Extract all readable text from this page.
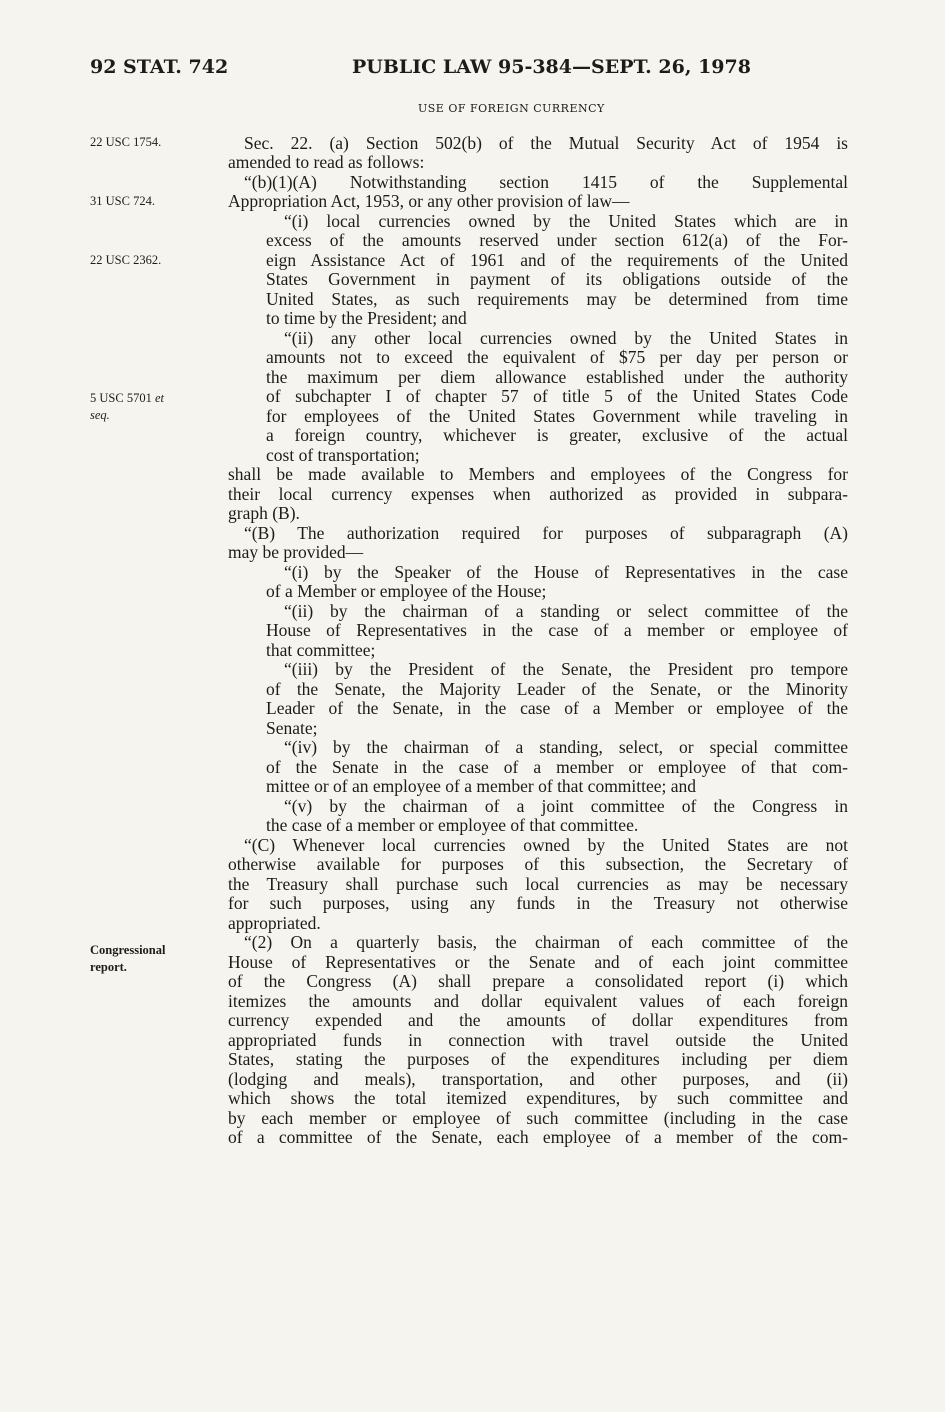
92 STAT. 742	PUBLIC LAW 95-384—SEPT. 26, 1978
USE OF FOREIGN CURRENCY
22 USC 1754.
31 USC 724.
22 USC 2362.
5 USC 5701 et
seq.
Congressional
report.
Sec. 22. (a) Section 502(b) of the Mutual Security Act of 1954 is
amended to read as follows:
“(b)(1)(A) Notwithstanding section 1415 of the Supplemental
Appropriation Act, 1953, or any other provision of law—
“(i) local currencies owned by the United States which are in
excess of the amounts reserved under section 612(a) of the For-
eign Assistance Act of 1961 and of the requirements of the United
States Government in payment of its obligations outside of the
United States, as such requirements may be determined from time
to time by the President; and
“(ii) any other local currencies owned by the United States in
amounts not to exceed the equivalent of $75 per day per person or
the maximum per diem allowance established under the authority
of subchapter I of chapter 57 of title 5 of the United States Code
for employees of the United States Government while traveling in
a foreign country, whichever is greater, exclusive of the actual
cost of transportation;
shall be made available to Members and employees of the Congress for
their local currency expenses when authorized as provided in subpara-
graph (B).
“(B) The authorization required for purposes of subparagraph (A)
may be provided—
“(i) by the Speaker of the House of Representatives in the case
of a Member or employee of the House;
“(ii) by the chairman of a standing or select committee of the
House of Representatives in the case of a member or employee of
that committee;
“(iii) by the President of the Senate, the President pro tempore
of the Senate, the Majority Leader of the Senate, or the Minority
Leader of the Senate, in the case of a Member or employee of the
Senate;
“(iv) by the chairman of a standing, select, or special committee
of the Senate in the case of a member or employee of that com-
mittee or of an employee of a member of that committee; and
“(v) by the chairman of a joint committee of the Congress in
the case of a member or employee of that committee.
“(C) Whenever local currencies owned by the United States are not
otherwise available for purposes of this subsection, the Secretary of
the Treasury shall purchase such local currencies as may be necessary
for such purposes, using any funds in the Treasury not otherwise
appropriated.
“(2) On a quarterly basis, the chairman of each committee of the
House of Representatives or the Senate and of each joint committee
of the Congress (A) shall prepare a consolidated report (i) which
itemizes the amounts and dollar equivalent values of each foreign
currency expended and the amounts of dollar expenditures from
appropriated funds in connection with travel outside the United
States, stating the purposes of the expenditures including per diem
(lodging and meals), transportation, and other purposes, and (ii)
which shows the total itemized expenditures, by such committee and
by each member or employee of such committee (including in the case
of a committee of the Senate, each employee of a member of the com-
